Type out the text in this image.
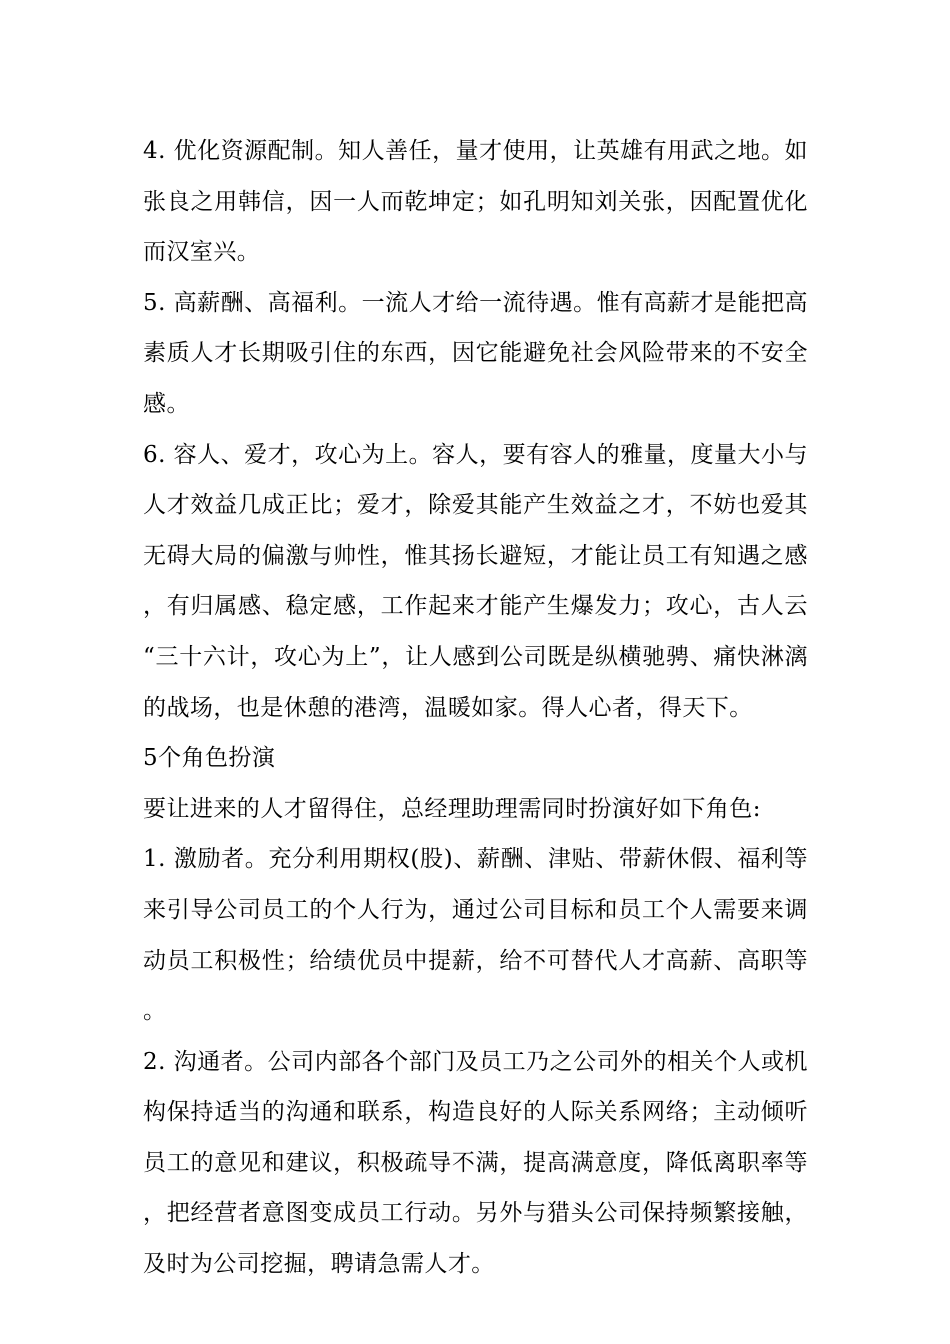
4. 优化资源配制。知人善任，量才使用，让英雄有用武之地。如张良之用韩信，因一人而乾坤定；如孔明知刘关张，因配置优化而汉室兴。

5. 高薪酬、高福利。一流人才给一流待遇。惟有高薪才是能把高素质人才长期吸引住的东西，因它能避免社会风险带来的不安全感。

6. 容人、爱才，攻心为上。容人，要有容人的雅量，度量大小与人才效益几成正比；爱才，除爱其能产生效益之才，不妨也爱其无碍大局的偏激与帅性，惟其扬长避短，才能让员工有知遇之感，有归属感、稳定感，工作起来才能产生爆发力；攻心，古人云“三十六计，攻心为上”，让人感到公司既是纵横驰骋、痛快淋漓的战场，也是休憩的港湾，温暖如家。得人心者，得天下。

5个角色扮演

要让进来的人才留得住，总经理助理需同时扮演好如下角色:

1. 激励者。充分利用期权(股)、薪酬、津贴、带薪休假、福利等来引导公司员工的个人行为，通过公司目标和员工个人需要来调动员工积极性；给绩优员中提薪，给不可替代人才高薪、高职等。

2. 沟通者。公司内部各个部门及员工乃之公司外的相关个人或机构保持适当的沟通和联系，构造良好的人际关系网络；主动倾听员工的意见和建议，积极疏导不满，提高满意度，降低离职率等，把经营者意图变成员工行动。另外与猎头公司保持频繁接触，及时为公司挖掘，聘请急需人才。
